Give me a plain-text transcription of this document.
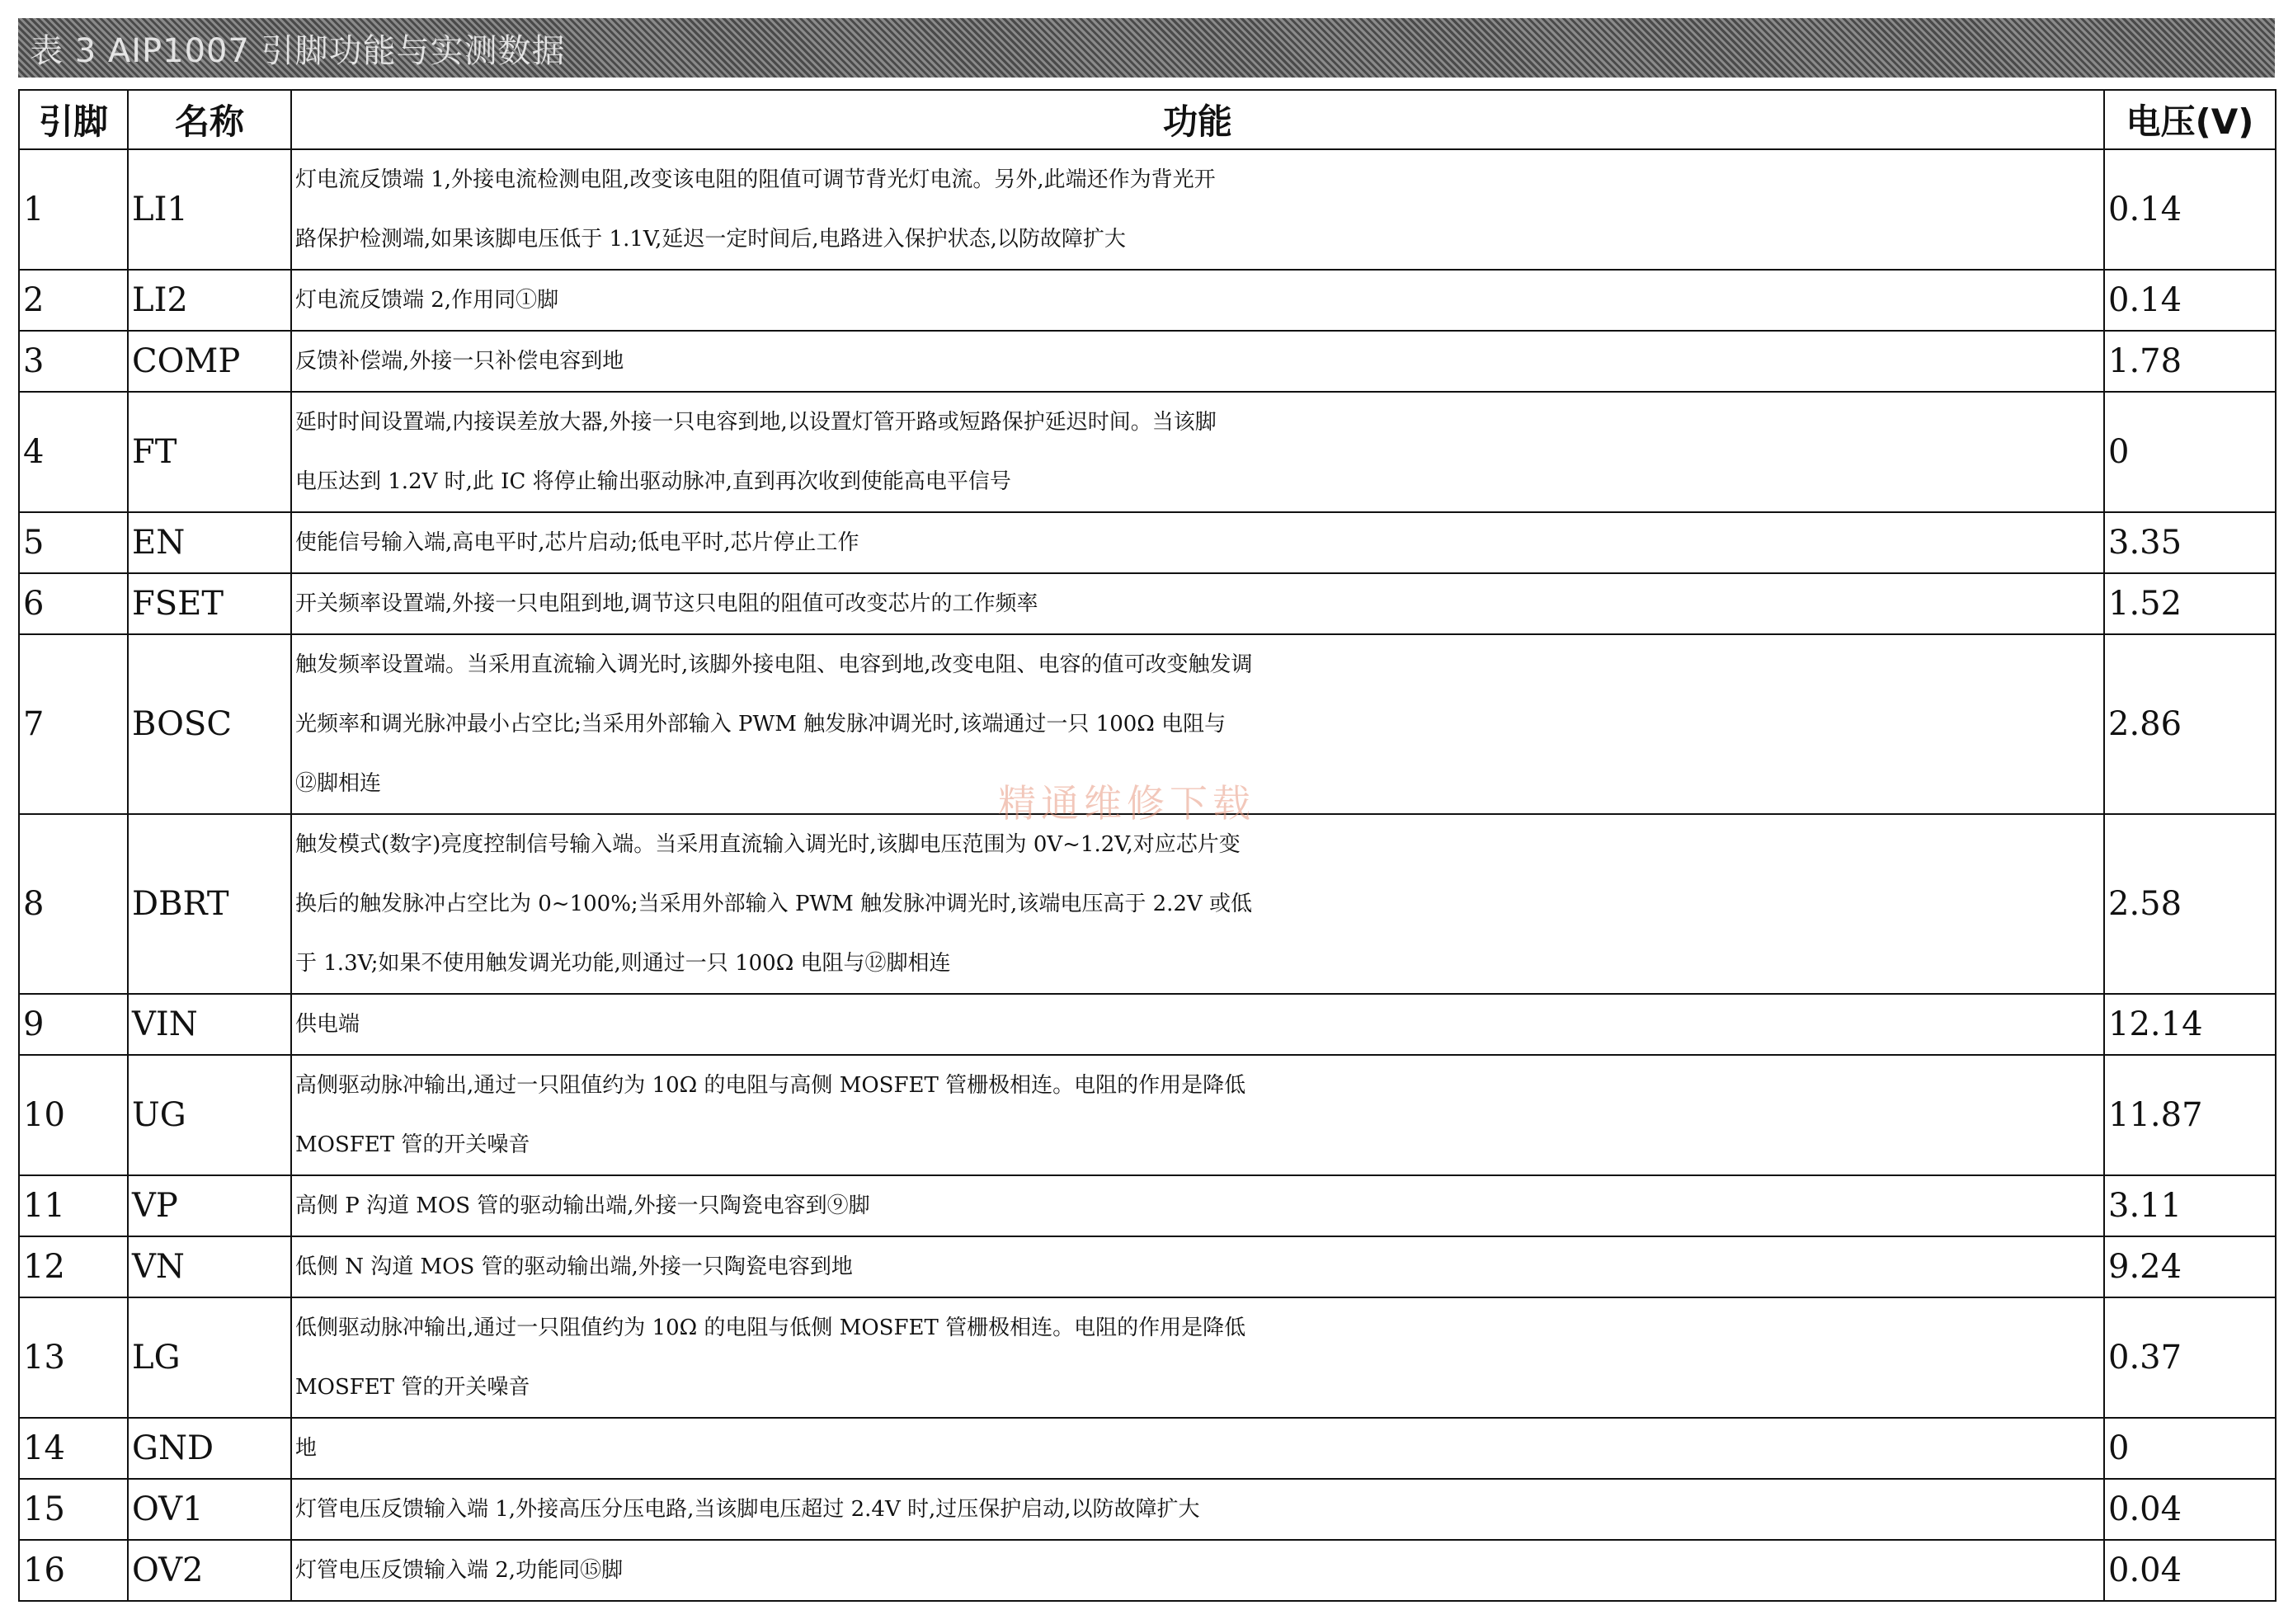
表 3 AIP1007 引脚功能与实测数据
引脚	名称	功能	电压(V)
1	LI1	灯电流反馈端 1,外接电流检测电阻,改变该电阻的阻值可调节背光灯电流。另外,此端还作为背光开
路保护检测端,如果该脚电压低于 1.1V,延迟一定时间后,电路进入保护状态,以防故障扩大	0.14
2	LI2	灯电流反馈端 2,作用同①脚	0.14
3	COMP	反馈补偿端,外接一只补偿电容到地	1.78
4	FT	延时时间设置端,内接误差放大器,外接一只电容到地,以设置灯管开路或短路保护延迟时间。当该脚
电压达到 1.2V 时,此 IC 将停止输出驱动脉冲,直到再次收到使能高电平信号	0
5	EN	使能信号输入端,高电平时,芯片启动;低电平时,芯片停止工作	3.35
6	FSET	开关频率设置端,外接一只电阻到地,调节这只电阻的阻值可改变芯片的工作频率	1.52
7	BOSC	触发频率设置端。当采用直流输入调光时,该脚外接电阻、电容到地,改变电阻、电容的值可改变触发调
光频率和调光脉冲最小占空比;当采用外部输入 PWM 触发脉冲调光时,该端通过一只 100Ω 电阻与
⑫脚相连	2.86
8	DBRT	触发模式(数字)亮度控制信号输入端。当采用直流输入调光时,该脚电压范围为 0V~1.2V,对应芯片变
换后的触发脉冲占空比为 0~100%;当采用外部输入 PWM 触发脉冲调光时,该端电压高于 2.2V 或低
于 1.3V;如果不使用触发调光功能,则通过一只 100Ω 电阻与⑫脚相连	2.58
9	VIN	供电端	12.14
10	UG	高侧驱动脉冲输出,通过一只阻值约为 10Ω 的电阻与高侧 MOSFET 管栅极相连。电阻的作用是降低
MOSFET 管的开关噪音	11.87
11	VP	高侧 P 沟道 MOS 管的驱动输出端,外接一只陶瓷电容到⑨脚	3.11
12	VN	低侧 N 沟道 MOS 管的驱动输出端,外接一只陶瓷电容到地	9.24
13	LG	低侧驱动脉冲输出,通过一只阻值约为 10Ω 的电阻与低侧 MOSFET 管栅极相连。电阻的作用是降低
MOSFET 管的开关噪音	0.37
14	GND	地	0
15	OV1	灯管电压反馈输入端 1,外接高压分压电路,当该脚电压超过 2.4V 时,过压保护启动,以防故障扩大	0.04
16	OV2	灯管电压反馈输入端 2,功能同⑮脚	0.04
精通维修下载
